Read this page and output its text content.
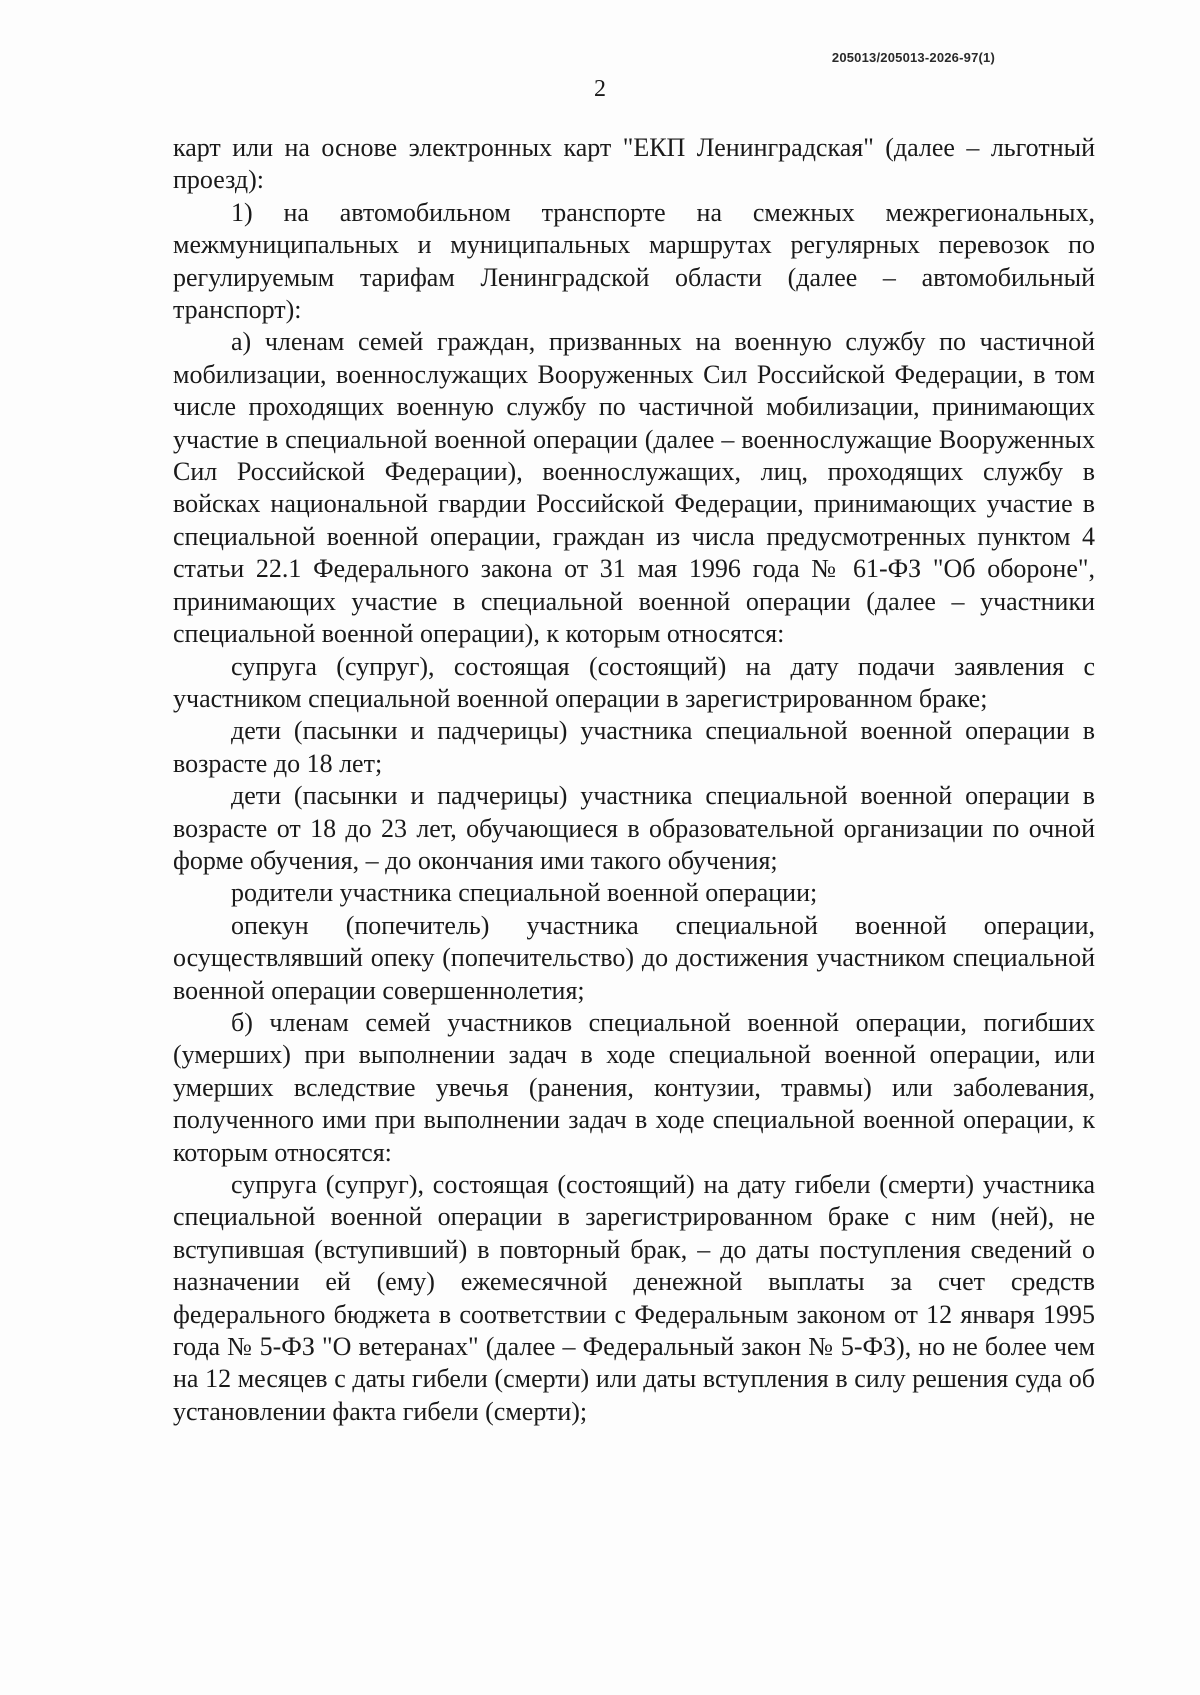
205013/205013-2026-97(1)
2

карт или на основе электронных карт "ЕКП Ленинградская" (далее – льготный проезд):

1) на автомобильном транспорте на смежных межрегиональных, межмуниципальных и муниципальных маршрутах регулярных перевозок по регулируемым тарифам Ленинградской области (далее – автомобильный транспорт):

а) членам семей граждан, призванных на военную службу по частичной мобилизации, военнослужащих Вооруженных Сил Российской Федерации, в том числе проходящих военную службу по частичной мобилизации, принимающих участие в специальной военной операции (далее – военнослужащие Вооруженных Сил Российской Федерации), военнослужащих, лиц, проходящих службу в войсках национальной гвардии Российской Федерации, принимающих участие в специальной военной операции, граждан из числа предусмотренных пунктом 4 статьи 22.1 Федерального закона от 31 мая 1996 года № 61-ФЗ "Об обороне", принимающих участие в специальной военной операции (далее – участники специальной военной операции), к которым относятся:

супруга (супруг), состоящая (состоящий) на дату подачи заявления с участником специальной военной операции в зарегистрированном браке;

дети (пасынки и падчерицы) участника специальной военной операции в возрасте до 18 лет;

дети (пасынки и падчерицы) участника специальной военной операции в возрасте от 18 до 23 лет, обучающиеся в образовательной организации по очной форме обучения, – до окончания ими такого обучения;

родители участника специальной военной операции;

опекун (попечитель) участника специальной военной операции, осуществлявший опеку (попечительство) до достижения участником специальной военной операции совершеннолетия;

б) членам семей участников специальной военной операции, погибших (умерших) при выполнении задач в ходе специальной военной операции, или умерших вследствие увечья (ранения, контузии, травмы) или заболевания, полученного ими при выполнении задач в ходе специальной военной операции, к которым относятся:

супруга (супруг), состоящая (состоящий) на дату гибели (смерти) участника специальной военной операции в зарегистрированном браке с ним (ней), не вступившая (вступивший) в повторный брак, – до даты поступления сведений о назначении ей (ему) ежемесячной денежной выплаты за счет средств федерального бюджета в соответствии с Федеральным законом от 12 января 1995 года № 5-ФЗ "О ветеранах" (далее – Федеральный закон № 5-ФЗ), но не более чем на 12 месяцев с даты гибели (смерти) или даты вступления в силу решения суда об установлении факта гибели (смерти);
